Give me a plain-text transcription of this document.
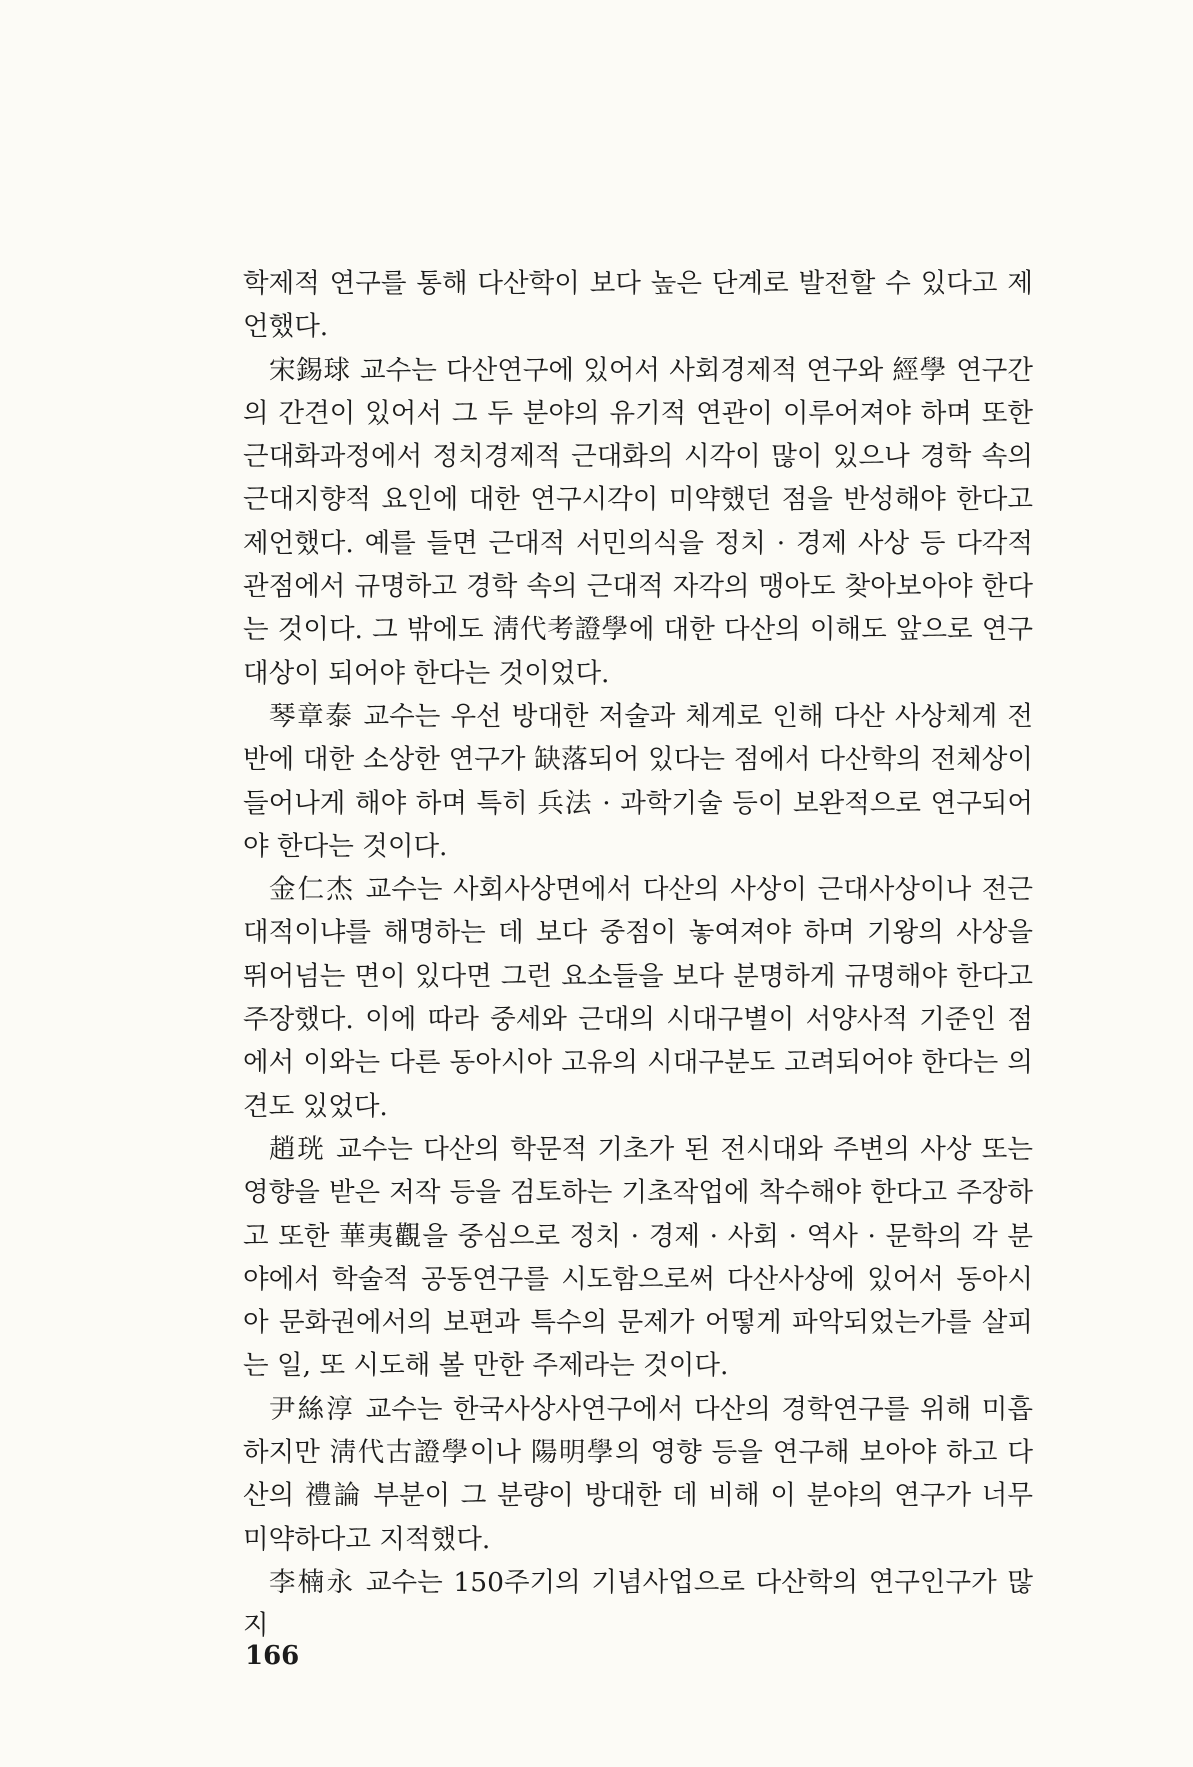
학제적 연구를 통해 다산학이 보다 높은 단계로 발전할 수 있다고 제언했다.

宋錫球 교수는 다산연구에 있어서 사회경제적 연구와 經學 연구간의 간견이 있어서 그 두 분야의 유기적 연관이 이루어져야 하며 또한 근대화과정에서 정치경제적 근대화의 시각이 많이 있으나 경학 속의 근대지향적 요인에 대한 연구시각이 미약했던 점을 반성해야 한다고 제언했다. 예를 들면 근대적 서민의식을 정치 · 경제 사상 등 다각적 관점에서 규명하고 경학 속의 근대적 자각의 맹아도 찾아보아야 한다는 것이다. 그 밖에도 淸代考證學에 대한 다산의 이해도 앞으로 연구대상이 되어야 한다는 것이었다.

琴章泰 교수는 우선 방대한 저술과 체계로 인해 다산 사상체계 전반에 대한 소상한 연구가 缺落되어 있다는 점에서 다산학의 전체상이 들어나게 해야 하며 특히 兵法 · 과학기술 등이 보완적으로 연구되어야 한다는 것이다.

金仁杰 교수는 사회사상면에서 다산의 사상이 근대사상이나 전근대적이냐를 해명하는 데 보다 중점이 놓여져야 하며 기왕의 사상을 뛰어넘는 면이 있다면 그런 요소들을 보다 분명하게 규명해야 한다고 주장했다. 이에 따라 중세와 근대의 시대구별이 서양사적 기준인 점에서 이와는 다른 동아시아 고유의 시대구분도 고려되어야 한다는 의견도 있었다.

趙珖 교수는 다산의 학문적 기초가 된 전시대와 주변의 사상 또는 영향을 받은 저작 등을 검토하는 기초작업에 착수해야 한다고 주장하고 또한 華夷觀을 중심으로 정치 · 경제 · 사회 · 역사 · 문학의 각 분야에서 학술적 공동연구를 시도함으로써 다산사상에 있어서 동아시아 문화권에서의 보편과 특수의 문제가 어떻게 파악되었는가를 살피는 일, 또 시도해 볼 만한 주제라는 것이다.

尹絲淳 교수는 한국사상사연구에서 다산의 경학연구를 위해 미흡하지만 淸代古證學이나 陽明學의 영향 등을 연구해 보아야 하고 다산의 禮論 부분이 그 분량이 방대한 데 비해 이 분야의 연구가 너무 미약하다고 지적했다.

李楠永 교수는 150주기의 기념사업으로 다산학의 연구인구가 많지

166
